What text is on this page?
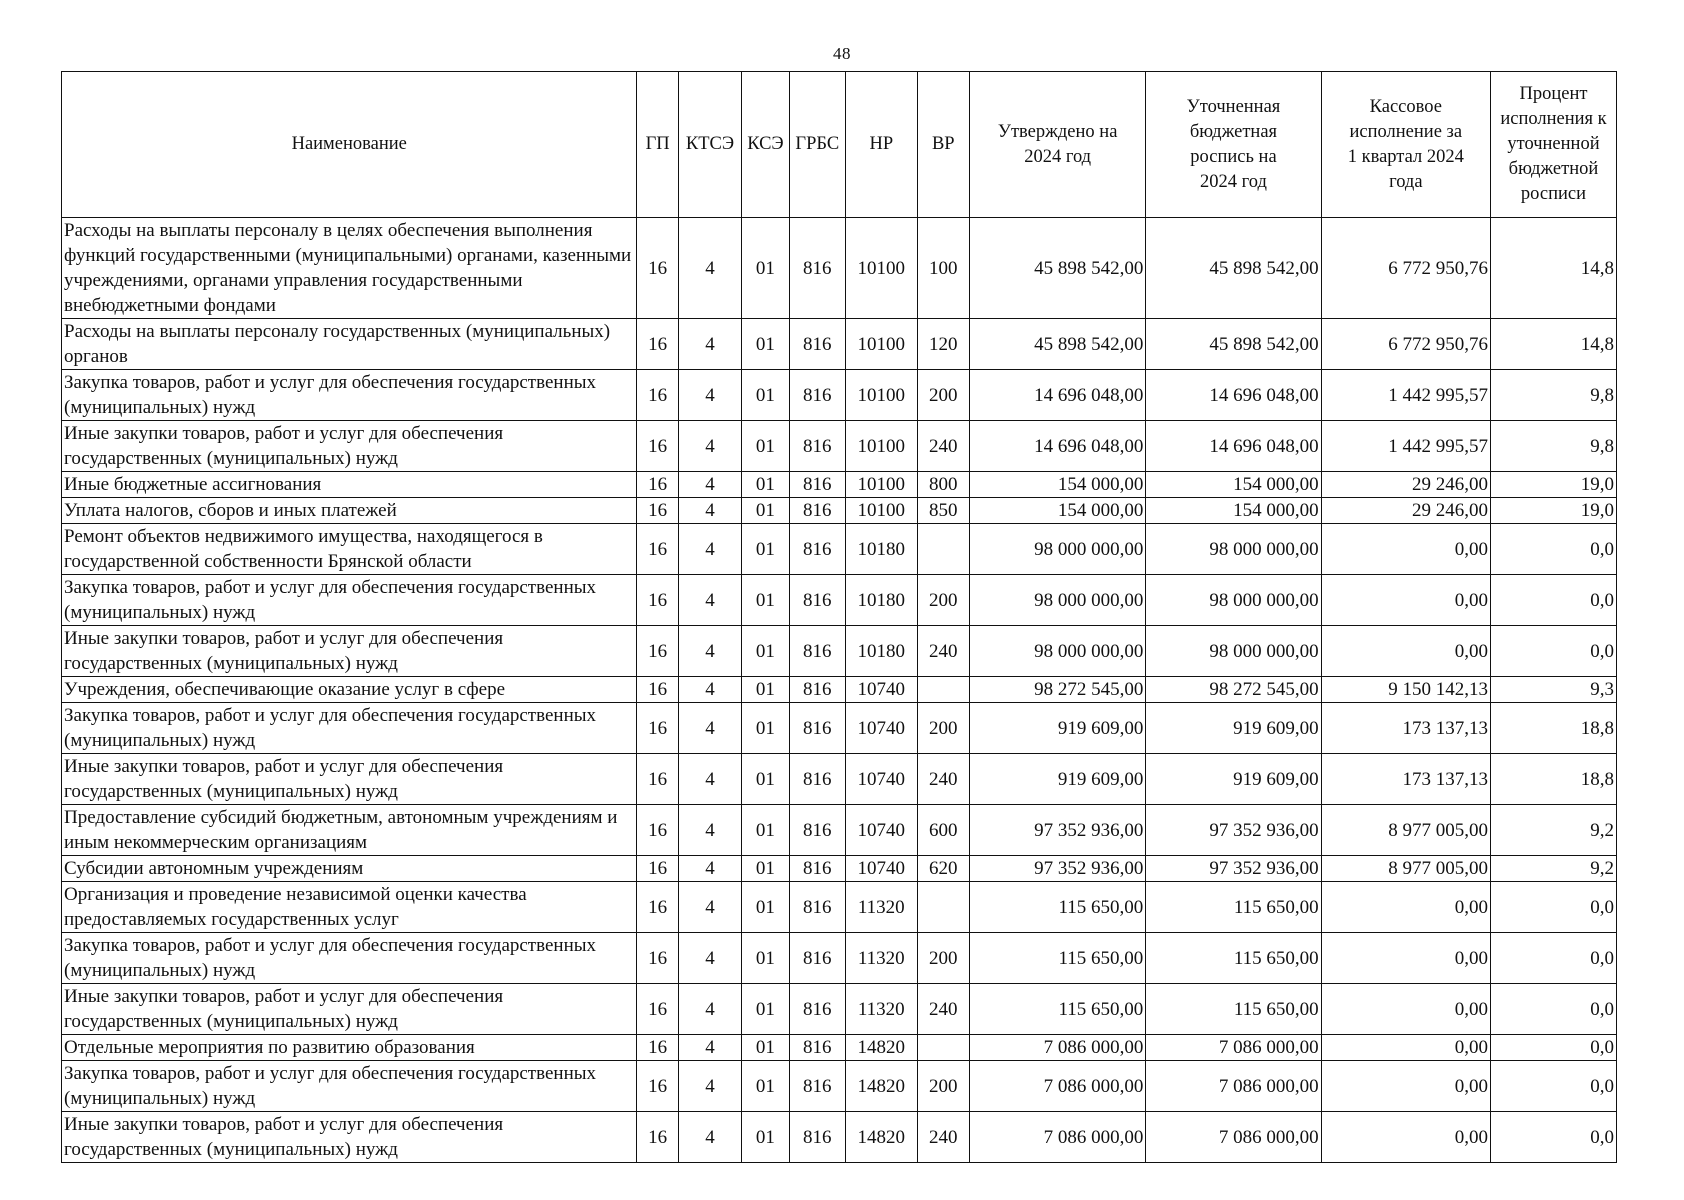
48
Наименование	ГП	КТСЭ	КСЭ	ГРБС	НР	ВР	Утверждено на 2024 год	Уточненная бюджетная роспись на 2024 год	Кассовое исполнение за 1 квартал 2024 года	Процент исполнения к уточненной бюджетной росписи
Расходы на выплаты персоналу в целях обеспечения выполнения функций государственными (муниципальными) органами, казенными учреждениями, органами управления государственными внебюджетными фондами	16	4	01	816	10100	100	45 898 542,00	45 898 542,00	6 772 950,76	14,8
Расходы на выплаты персоналу государственных (муниципальных) органов	16	4	01	816	10100	120	45 898 542,00	45 898 542,00	6 772 950,76	14,8
Закупка товаров, работ и услуг для обеспечения государственных (муниципальных) нужд	16	4	01	816	10100	200	14 696 048,00	14 696 048,00	1 442 995,57	9,8
Иные закупки товаров, работ и услуг для обеспечения государственных (муниципальных) нужд	16	4	01	816	10100	240	14 696 048,00	14 696 048,00	1 442 995,57	9,8
Иные бюджетные ассигнования	16	4	01	816	10100	800	154 000,00	154 000,00	29 246,00	19,0
Уплата налогов, сборов и иных платежей	16	4	01	816	10100	850	154 000,00	154 000,00	29 246,00	19,0
Ремонт объектов недвижимого имущества, находящегося в государственной собственности Брянской области	16	4	01	816	10180		98 000 000,00	98 000 000,00	0,00	0,0
Закупка товаров, работ и услуг для обеспечения государственных (муниципальных) нужд	16	4	01	816	10180	200	98 000 000,00	98 000 000,00	0,00	0,0
Иные закупки товаров, работ и услуг для обеспечения государственных (муниципальных) нужд	16	4	01	816	10180	240	98 000 000,00	98 000 000,00	0,00	0,0
Учреждения, обеспечивающие оказание услуг в сфере	16	4	01	816	10740		98 272 545,00	98 272 545,00	9 150 142,13	9,3
Закупка товаров, работ и услуг для обеспечения государственных (муниципальных) нужд	16	4	01	816	10740	200	919 609,00	919 609,00	173 137,13	18,8
Иные закупки товаров, работ и услуг для обеспечения государственных (муниципальных) нужд	16	4	01	816	10740	240	919 609,00	919 609,00	173 137,13	18,8
Предоставление субсидий бюджетным, автономным учреждениям и иным некоммерческим организациям	16	4	01	816	10740	600	97 352 936,00	97 352 936,00	8 977 005,00	9,2
Субсидии автономным учреждениям	16	4	01	816	10740	620	97 352 936,00	97 352 936,00	8 977 005,00	9,2
Организация и проведение независимой оценки качества предоставляемых государственных услуг	16	4	01	816	11320		115 650,00	115 650,00	0,00	0,0
Закупка товаров, работ и услуг для обеспечения государственных (муниципальных) нужд	16	4	01	816	11320	200	115 650,00	115 650,00	0,00	0,0
Иные закупки товаров, работ и услуг для обеспечения государственных (муниципальных) нужд	16	4	01	816	11320	240	115 650,00	115 650,00	0,00	0,0
Отдельные мероприятия по развитию образования	16	4	01	816	14820		7 086 000,00	7 086 000,00	0,00	0,0
Закупка товаров, работ и услуг для обеспечения государственных (муниципальных) нужд	16	4	01	816	14820	200	7 086 000,00	7 086 000,00	0,00	0,0
Иные закупки товаров, работ и услуг для обеспечения государственных (муниципальных) нужд	16	4	01	816	14820	240	7 086 000,00	7 086 000,00	0,00	0,0
